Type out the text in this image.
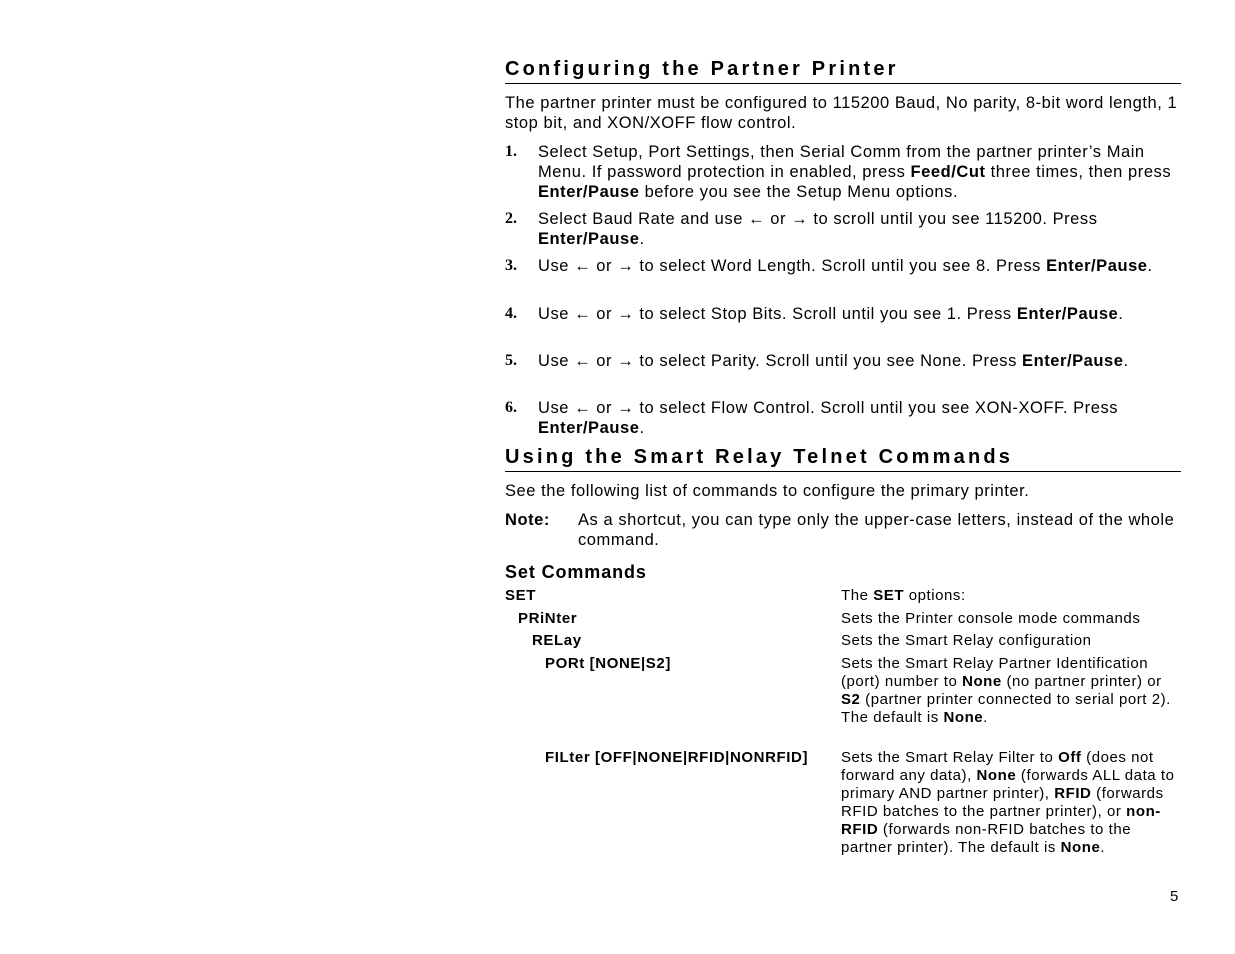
Configuring the Partner Printer

The partner printer must be configured to 115200 Baud, No parity, 8-bit word length, 1 stop bit, and XON/XOFF flow control.

1. Select Setup, Port Settings, then Serial Comm from the partner printer’s Main Menu. If password protection in enabled, press Feed/Cut three times, then press Enter/Pause before you see the Setup Menu options.
2. Select Baud Rate and use ← or → to scroll until you see 115200. Press Enter/Pause.
3. Use ← or → to select Word Length. Scroll until you see 8. Press Enter/Pause.
4. Use ← or → to select Stop Bits. Scroll until you see 1. Press Enter/Pause.
5. Use ← or → to select Parity. Scroll until you see None. Press Enter/Pause.
6. Use ← or → to select Flow Control. Scroll until you see XON-XOFF. Press Enter/Pause.
Using the Smart Relay Telnet Commands

See the following list of commands to configure the primary printer.

Note: As a shortcut, you can type only the upper-case letters, instead of the whole command.
Set Commands
SET	The SET options:
PRiNter	Sets the Printer console mode commands
RELay	Sets the Smart Relay configuration
PORt [NONE|S2]	Sets the Smart Relay Partner Identification (port) number to None (no partner printer) or S2 (partner printer connected to serial port 2). The default is None.
FILter [OFF|NONE|RFID|NONRFID] Sets the Smart Relay Filter to Off (does not forward any data), None (forwards ALL data to primary AND partner printer), RFID (forwards RFID batches to the partner printer), or non-RFID (forwards non-RFID batches to the partner printer). The default is None.
5
